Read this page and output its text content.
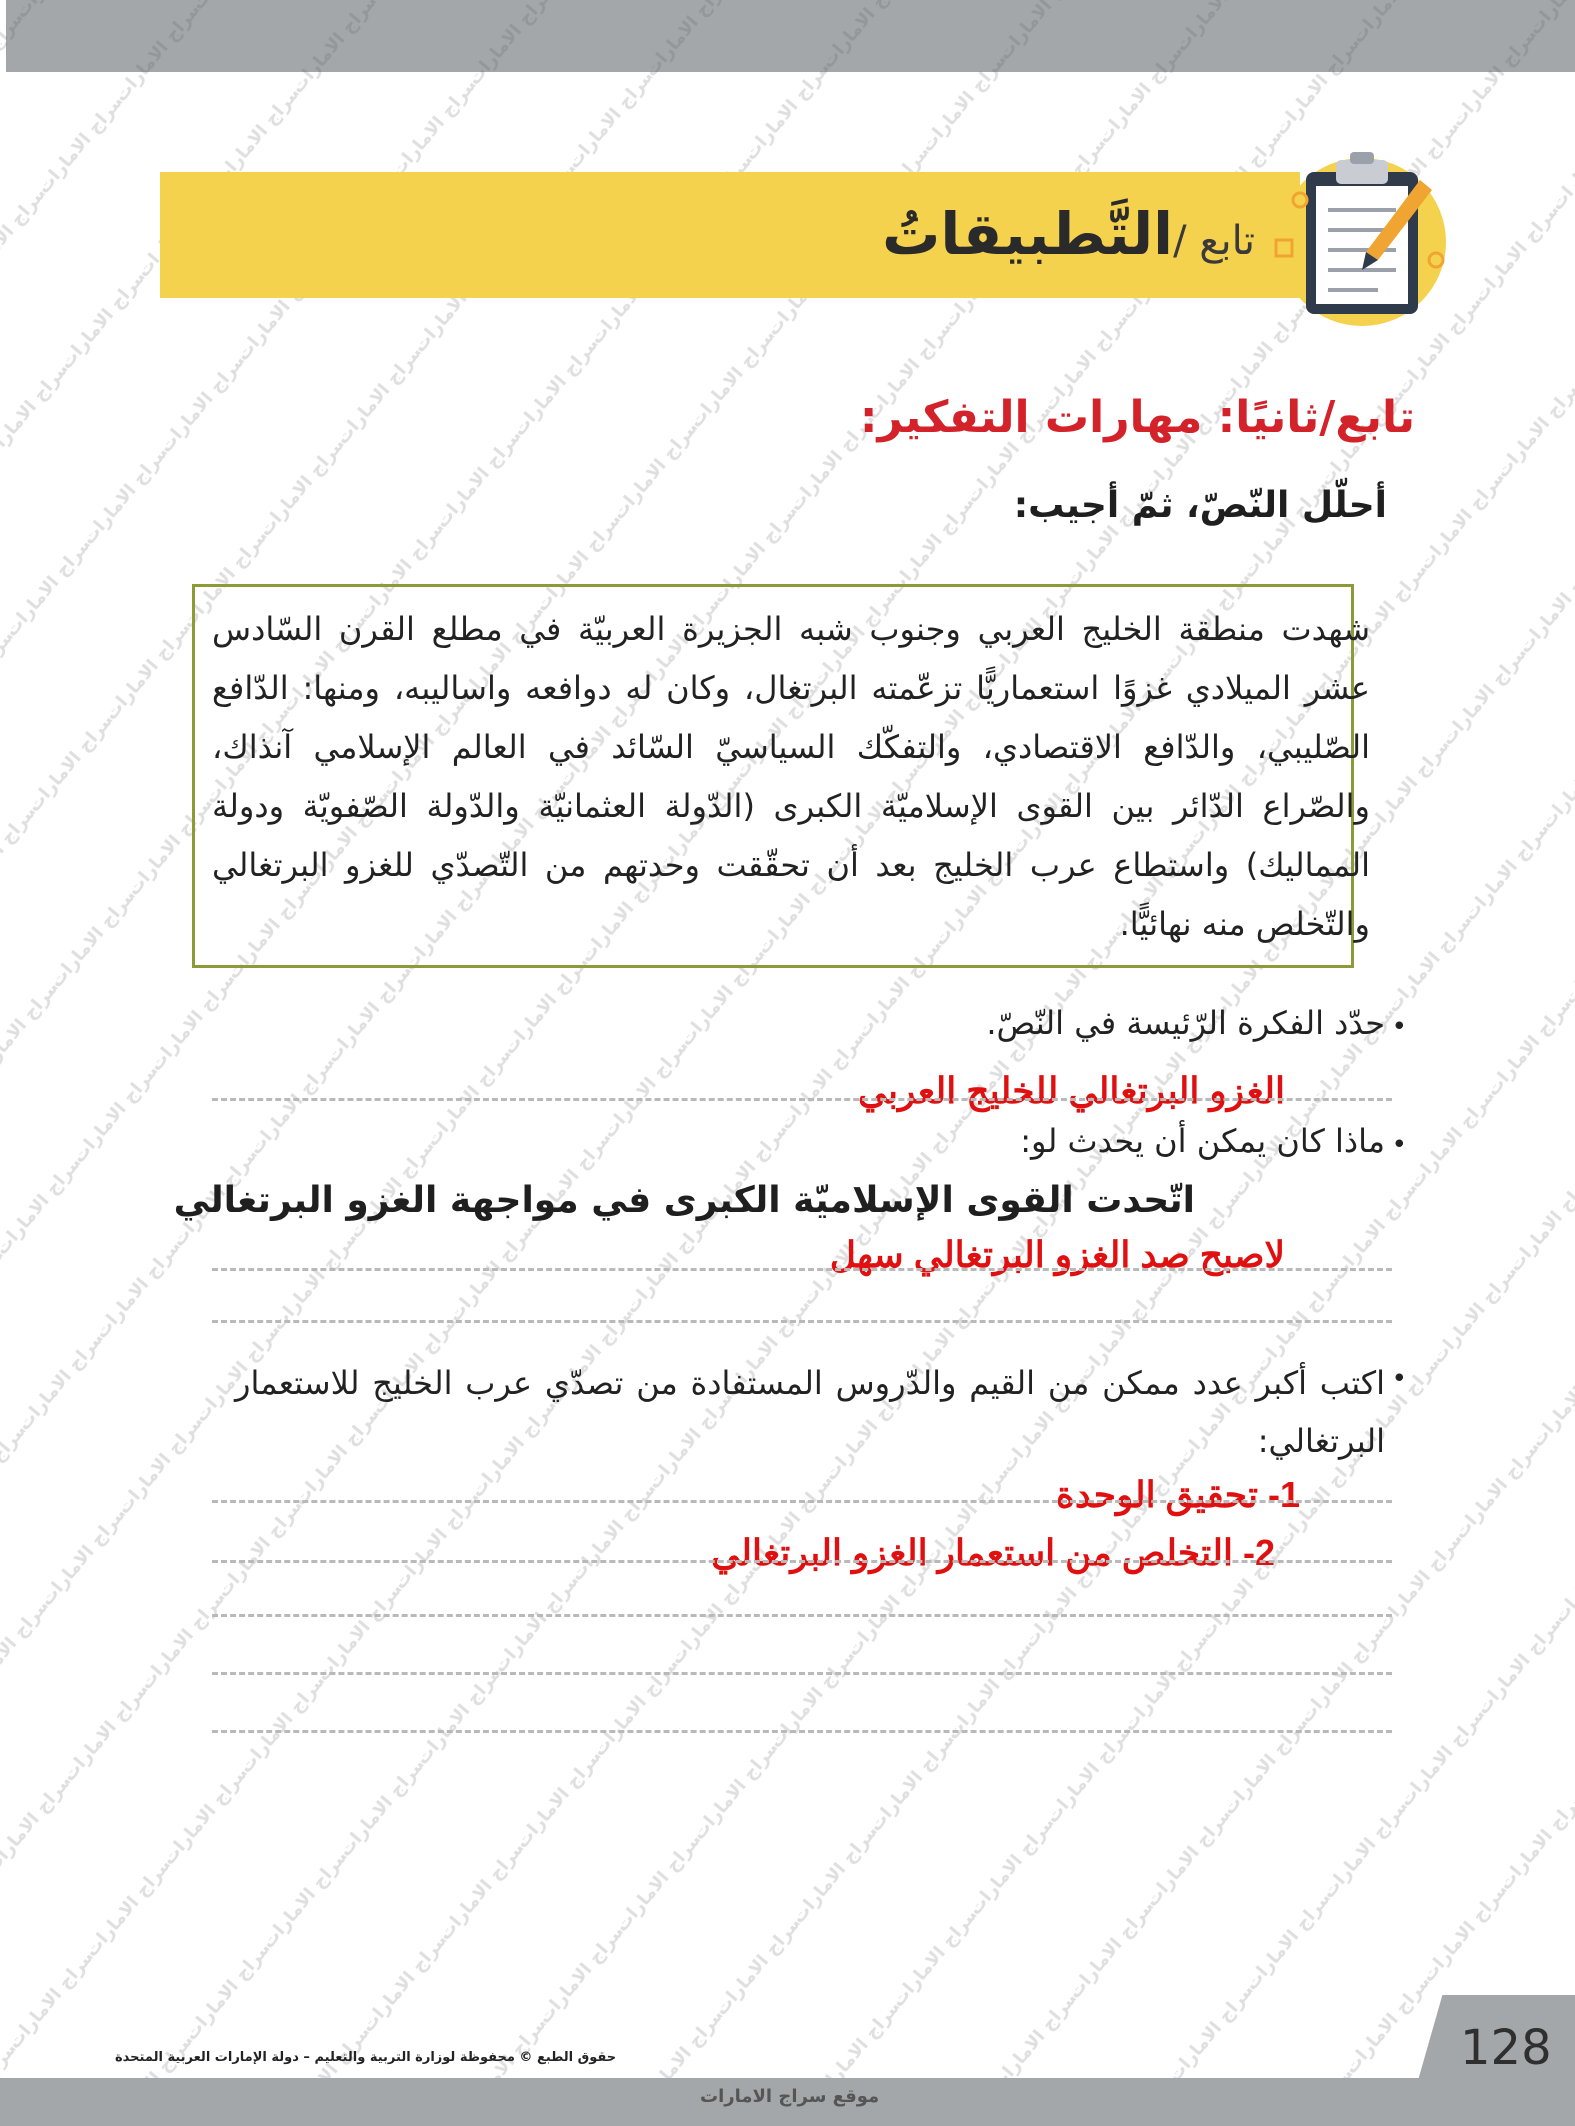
تابع /التَّطبيقاتُ
تابع/ثانيًا: مهارات التفكير:
أحلّل النّصّ، ثمّ أجيب:
شهدت منطقة الخليج العربي وجنوب شبه الجزيرة العربيّة في مطلع القرن السّادس عشر الميلادي غزوًا استعماريًّا تزعّمته البرتغال، وكان له دوافعه واساليبه، ومنها: الدّافع الصّليبي، والدّافع الاقتصادي، والتفكّك السياسيّ السّائد في العالم الإسلامي آنذاك، والصّراع الدّائر بين القوى الإسلاميّة الكبرى (الدّولة العثمانيّة والدّولة الصّفويّة ودولة المماليك) واستطاع عرب الخليج بعد أن تحقّقت وحدتهم من التّصدّي للغزو البرتغالي والتّخلص منه نهائيًّا.
•
حدّد الفكرة الرّئيسة في النّصّ.
الغزو البرتغالي للخليج العربي
•
ماذا كان يمكن أن يحدث لو:
اتّحدت القوى الإسلاميّة الكبرى في مواجهة الغزو البرتغالي
لاصبح صد الغزو البرتغالي سهل
•
اكتب أكبر عدد ممكن من القيم والدّروس المستفادة من تصدّي عرب الخليج للاستعمار البرتغالي:
1- تحقيق الوحدة
2- التخلص من استعمار الغزو البرتغالي
128
حقوق الطبع © محفوظة لوزارة التربية والتعليم – دولة الإمارات العربية المتحدة
موقع سراج الامارات
